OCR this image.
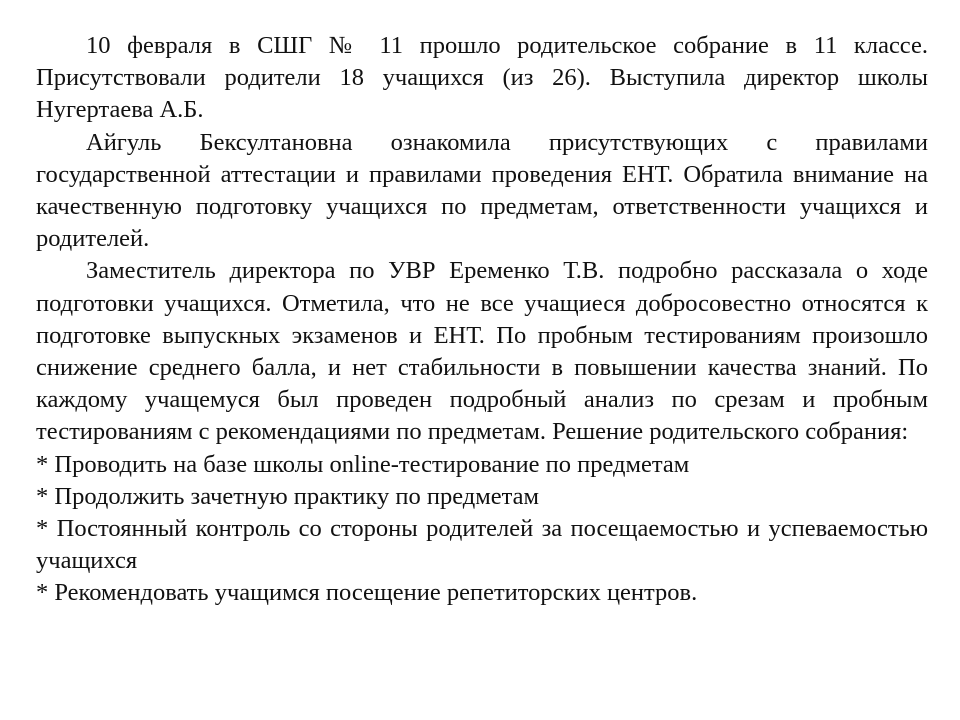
10 февраля в СШГ № 11 прошло родительское собрание в 11 классе. Присутствовали родители 18 учащихся (из 26). Выступила директор школы Нугертаева А.Б.

Айгуль Бексултановна ознакомила присутствующих с правилами государственной аттестации и правилами проведения ЕНТ. Обратила внимание на качественную подготовку учащихся по предметам, ответственности учащихся и родителей.

Заместитель директора по УВР Еременко Т.В. подробно рассказала о ходе подготовки учащихся. Отметила, что не все учащиеся добросовестно относятся к подготовке выпускных экзаменов и ЕНТ. По пробным тестированиям произошло снижение среднего балла, и нет стабильности в повышении качества знаний. По каждому учащемуся был проведен подробный анализ по срезам и пробным тестированиям с рекомендациями по предметам. Решение родительского собрания:

* Проводить на базе школы online-тестирование по предметам

* Продолжить зачетную практику по предметам

* Постоянный контроль со стороны родителей за посещаемостью и успеваемостью учащихся

* Рекомендовать учащимся посещение репетиторских центров.
